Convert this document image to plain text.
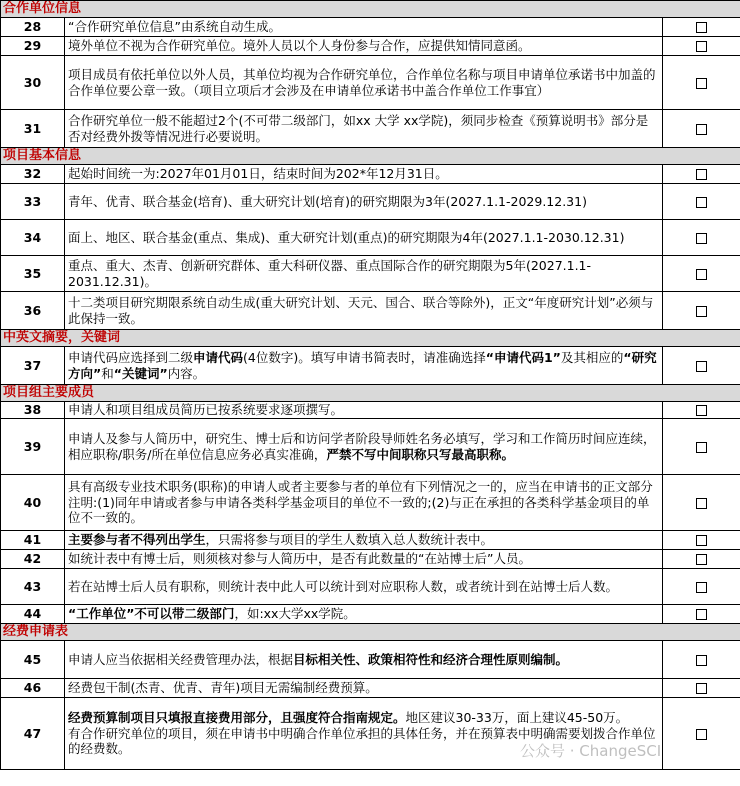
合作单位信息		
28	“合作研究单位信息”由系统自动生成。	
29	境外单位不视为合作研究单位。境外人员以个人身份参与合作，应提供知情同意函。	
30	项目成员有依托单位以外人员，其单位均视为合作研究单位，合作单位名称与项目申请单位承诺书中加盖的合作单位要公章一致。（项目立项后才会涉及在申请单位承诺书中盖合作单位工作事宜）	
31	合作研究单位一般不能超过2个(不可带二级部门，如xx 大学 xx学院)，须同步检查《预算说明书》部分是否对经费外拨等情况进行必要说明。	
项目基本信息		
32	起始时间统一为:2027年01月01日，结束时间为202*年12月31日。	
33	青年、优青、联合基金(培育)、重大研究计划(培育)的研究期限为3年(2027.1.1-2029.12.31)	
34	面上、地区、联合基金(重点、集成)、重大研究计划(重点)的研究期限为4年(2027.1.1-2030.12.31)	
35	重点、重大、杰青、创新研究群体、重大科研仪器、重点国际合作的研究期限为5年(2027.1.1-2031.12.31)。	
36	十二类项目研究期限系统自动生成(重大研究计划、天元、国合、联合等除外)，正文“年度研究计划”必须与此保持一致。	
中英文摘要，关键词		
37	申请代码应选择到二级申请代码(4位数字)。填写申请书简表时，请准确选择“申请代码1”及其相应的“研究方向”和“关键词”内容。	
项目组主要成员		
38	申请人和项目组成员简历已按系统要求逐项撰写。	
39	申请人及参与人简历中，研究生、博士后和访问学者阶段导师姓名务必填写，学习和工作简历时间应连续，相应职称/职务/所在单位信息应务必真实准确，严禁不写中间职称只写最高职称。	
40	具有高级专业技术职务(职称)的申请人或者主要参与者的单位有下列情况之一的，应当在申请书的正文部分注明:(1)同年申请或者参与申请各类科学基金项目的单位不一致的;(2)与正在承担的各类科学基金项目的单位不一致的。	
41	主要参与者不得列出学生，只需将参与项目的学生人数填入总人数统计表中。	
42	如统计表中有博士后，则须核对参与人简历中，是否有此数量的“在站博士后”人员。	
43	若在站博士后人员有职称，则统计表中此人可以统计到对应职称人数，或者统计到在站博士后人数。	
44	“工作单位”不可以带二级部门，如:xx大学xx学院。	
经费申请表		
45	申请人应当依据相关经费管理办法，根据目标相关性、政策相符性和经济合理性原则编制。	
46	经费包干制(杰青、优青、青年)项目无需编制经费预算。	
47	经费预算制项目只填报直接费用部分，且强度符合指南规定。地区建议30-33万，面上建议45-50万。
有合作研究单位的项目，须在申请书中明确合作单位承担的具体任务，并在预算表中明确需要划拨合作单位的经费数。		公众号 · ChangeSCI
